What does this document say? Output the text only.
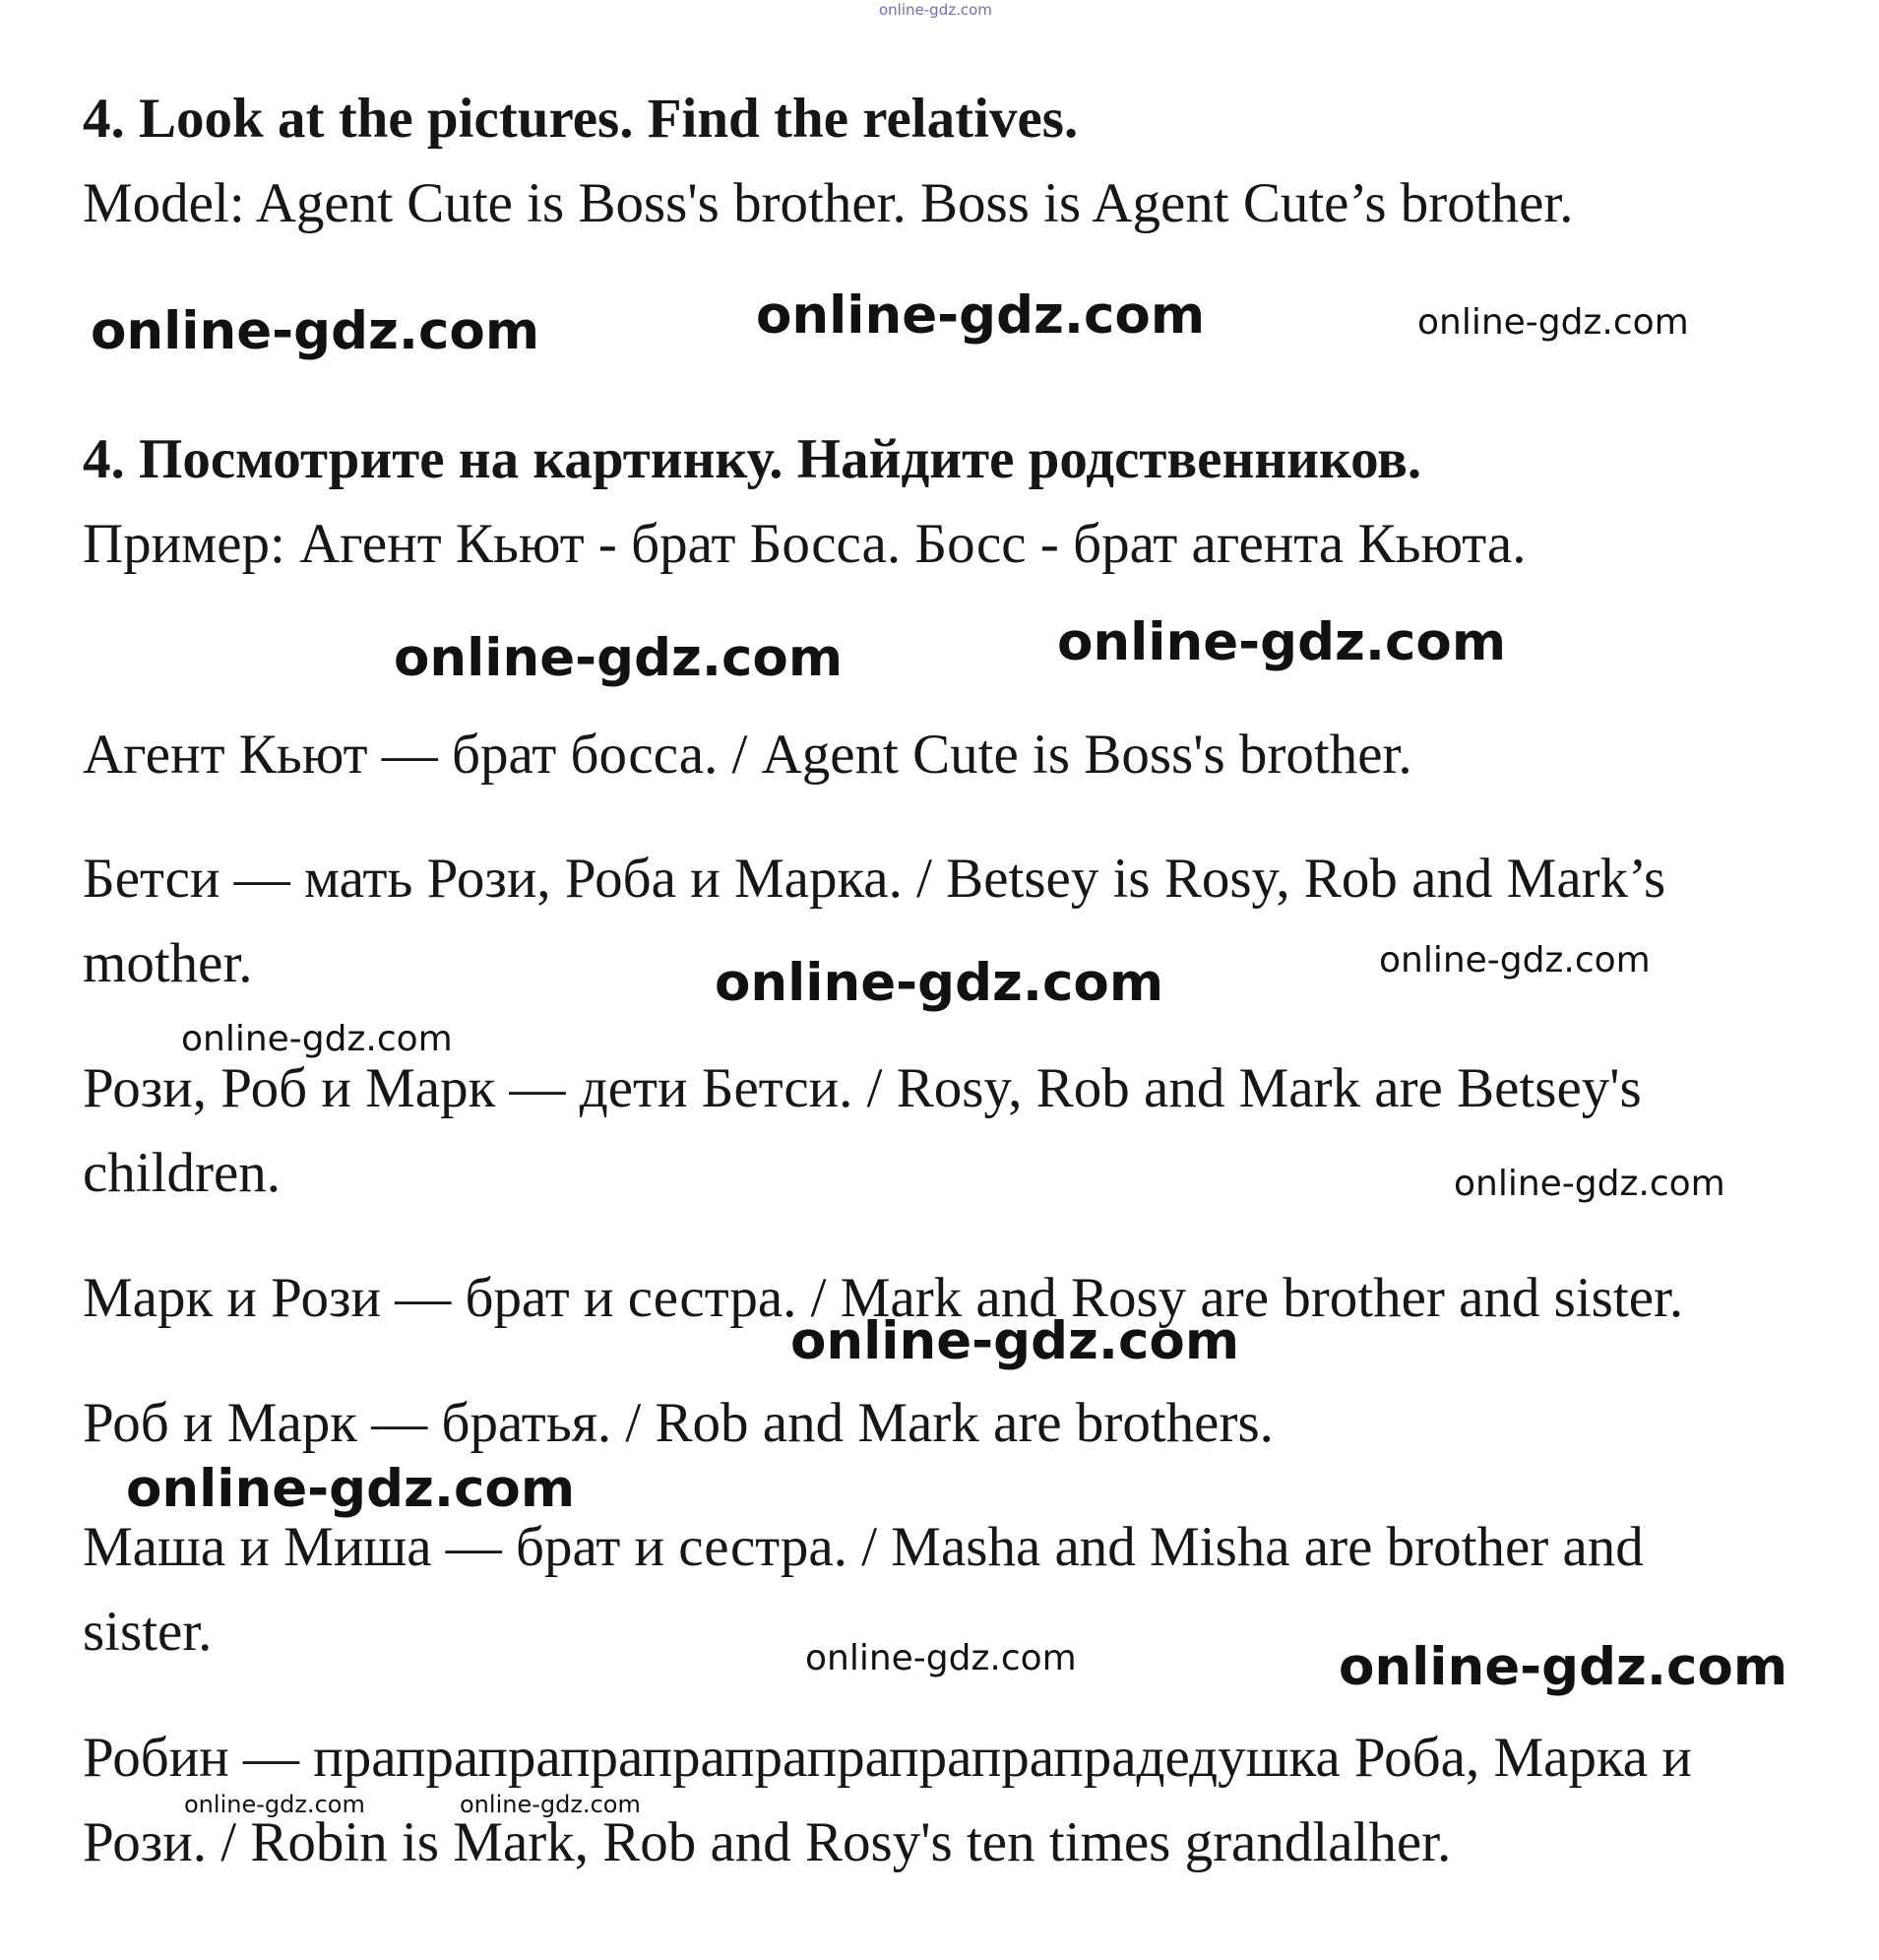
online-gdz.com

4. Look at the pictures. Find the relatives.

Model: Agent Cute is Boss's brother. Boss is Agent Cute’s brother.

4. Посмотрите на картинку. Найдите родственников.

Пример: Агент Кьют - брат Босса. Босс - брат агента Кьюта.

Агент Кьют — брат босса. / Agent Cute is Boss's brother.

Бетси — мать Рози, Роба и Марка. / Betsey is Rosy, Rob and Mark’s

mother.

Рози, Роб и Марк — дети Бетси. / Rosy, Rob and Mark are Betsey's

children.

Марк и Рози — брат и сестра. / Mark and Rosy are brother and sister.

Роб и Марк — братья. / Rob and Mark are brothers.

Маша и Миша — брат и сестра. / Masha and Misha are brother and

sister.

Робин — прапрапрапрапрапрапрапрапрапрадедушка Роба, Марка и

Рози. / Robin is Mark, Rob and Rosy's ten times grandlalher.

online-gdz.com	online-gdz.com	online-gdz.com
online-gdz.com	online-gdz.com
online-gdz.com	online-gdz.com
online-gdz.com
online-gdz.com
online-gdz.com
online-gdz.com
online-gdz.com	online-gdz.com
online-gdz.com	online-gdz.com
